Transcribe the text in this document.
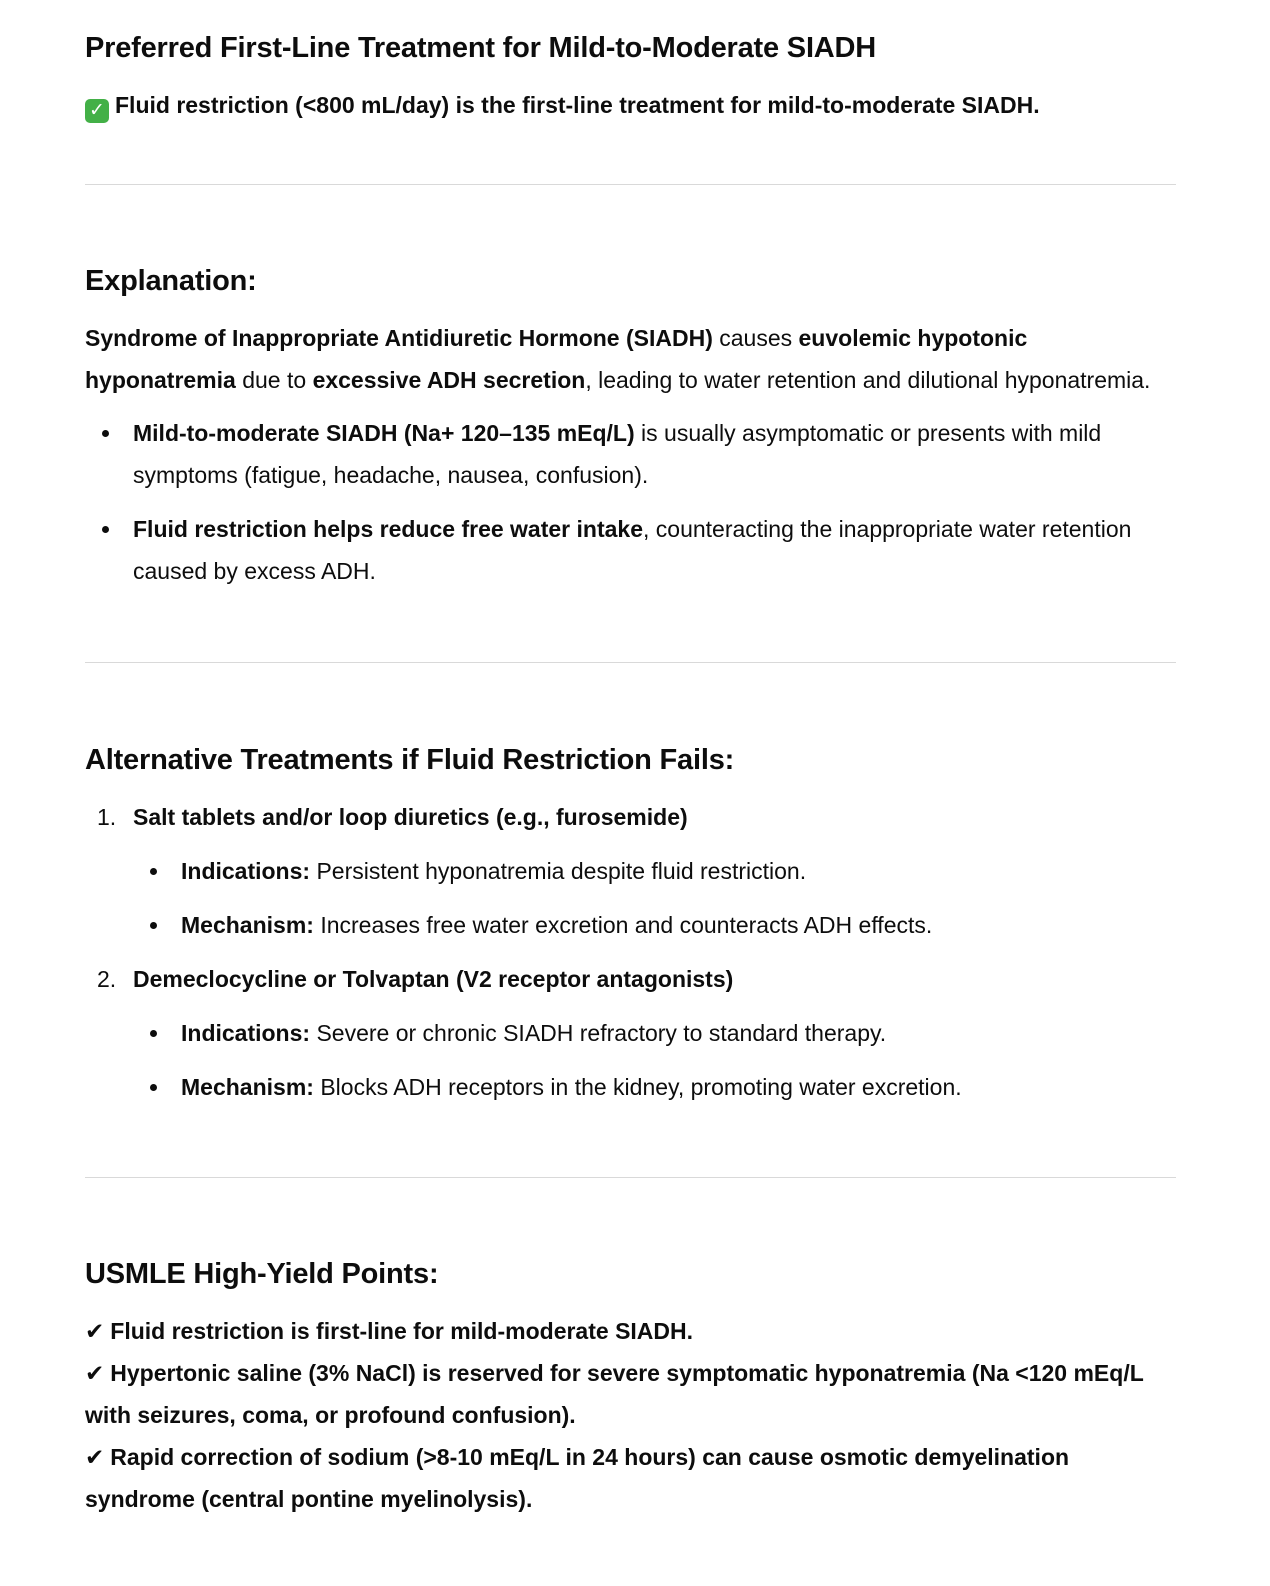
Preferred First-Line Treatment for Mild-to-Moderate SIADH

✓ Fluid restriction (<800 mL/day) is the first-line treatment for mild-to-moderate SIADH.

Explanation:

Syndrome of Inappropriate Antidiuretic Hormone (SIADH) causes euvolemic hypotonic hyponatremia due to excessive ADH secretion, leading to water retention and dilutional hyponatremia.

Mild-to-moderate SIADH (Na+ 120–135 mEq/L) is usually asymptomatic or presents with mild symptoms (fatigue, headache, nausea, confusion).
Fluid restriction helps reduce free water intake, counteracting the inappropriate water retention caused by excess ADH.
Alternative Treatments if Fluid Restriction Fails:
1. Salt tablets and/or loop diuretics (e.g., furosemide)
Indications: Persistent hyponatremia despite fluid restriction.
Mechanism: Increases free water excretion and counteracts ADH effects.
2. Demeclocycline or Tolvaptan (V2 receptor antagonists)
Indications: Severe or chronic SIADH refractory to standard therapy.
Mechanism: Blocks ADH receptors in the kidney, promoting water excretion.
USMLE High-Yield Points:

✔ Fluid restriction is first-line for mild-moderate SIADH.
✔ Hypertonic saline (3% NaCl) is reserved for severe symptomatic hyponatremia (Na <120 mEq/L with seizures, coma, or profound confusion).
✔ Rapid correction of sodium (>8-10 mEq/L in 24 hours) can cause osmotic demyelination syndrome (central pontine myelinolysis).
